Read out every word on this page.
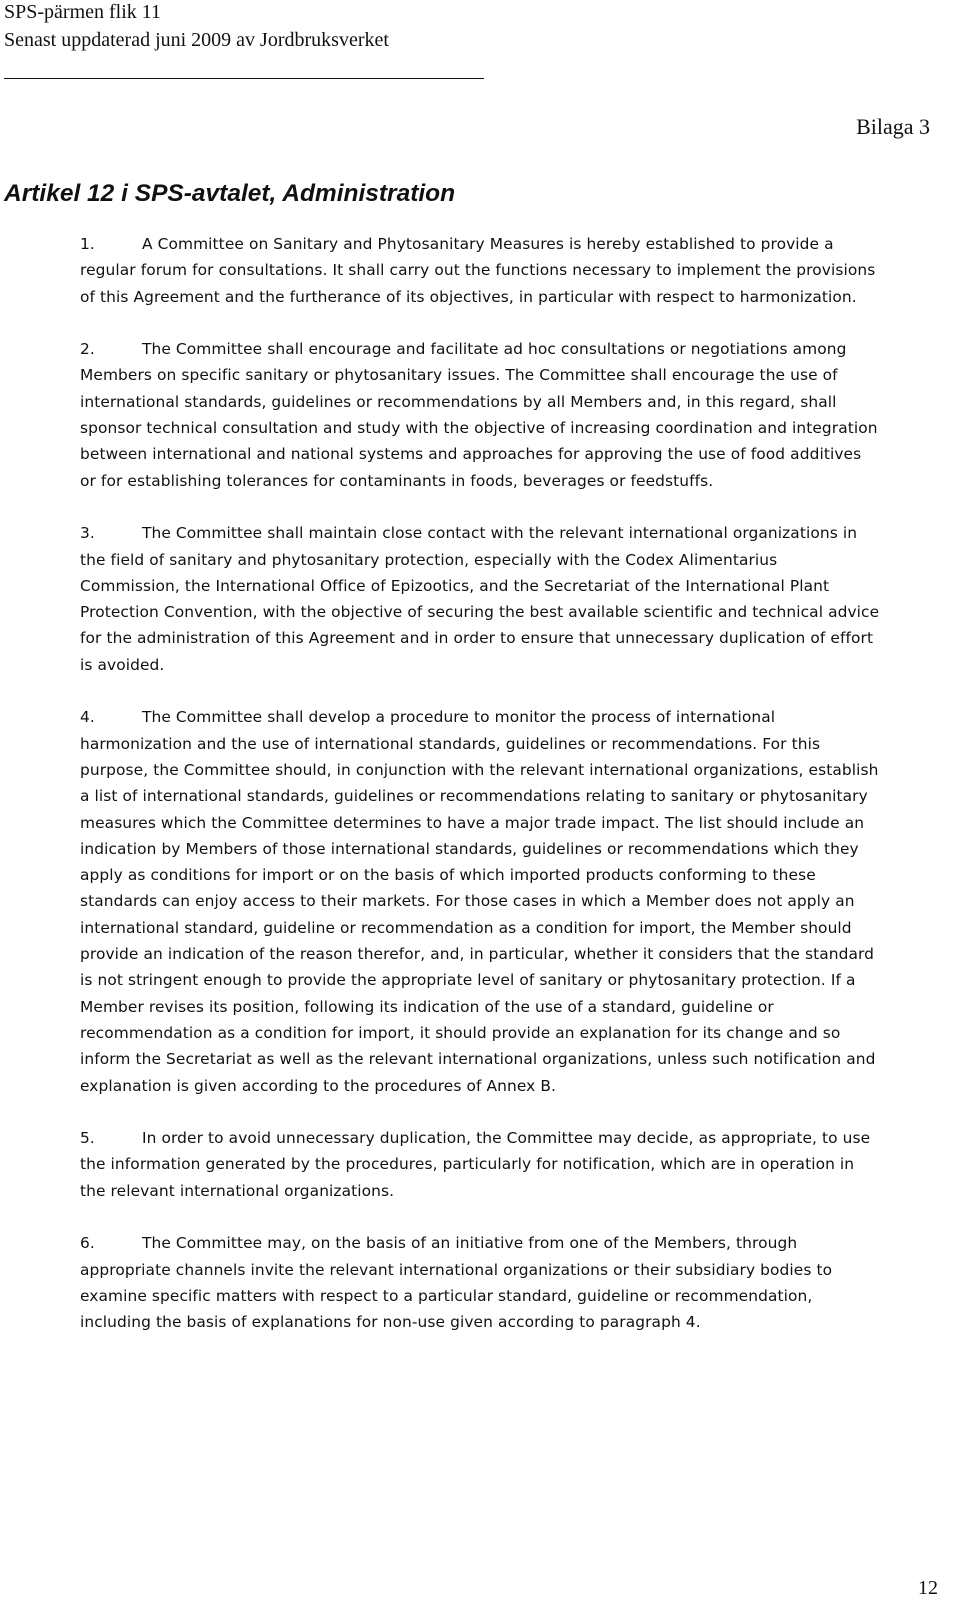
SPS-pärmen flik 11
Senast uppdaterad juni 2009 av Jordbruksverket
Bilaga 3
Artikel 12 i SPS-avtalet, Administration

1.	A Committee on Sanitary and Phytosanitary Measures is hereby established to provide a regular forum for consultations. It shall carry out the functions necessary to implement the provisions of this Agreement and the furtherance of its objectives, in particular with respect to harmonization.

2.	The Committee shall encourage and facilitate ad hoc consultations or negotiations among Members on specific sanitary or phytosanitary issues. The Committee shall encourage the use of international standards, guidelines or recommendations by all Members and, in this regard, shall sponsor technical consultation and study with the objective of increasing coordination and integration between international and national systems and approaches for approving the use of food additives or for establishing tolerances for contaminants in foods, beverages or feedstuffs.

3.	The Committee shall maintain close contact with the relevant international organizations in the field of sanitary and phytosanitary protection, especially with the Codex Alimentarius Commission, the International Office of Epizootics, and the Secretariat of the International Plant Protection Convention, with the objective of securing the best available scientific and technical advice for the administration of this Agreement and in order to ensure that unnecessary duplication of effort is avoided.

4.	The Committee shall develop a procedure to monitor the process of international harmonization and the use of international standards, guidelines or recommendations. For this purpose, the Committee should, in conjunction with the relevant international organizations, establish a list of international standards, guidelines or recommendations relating to sanitary or phytosanitary measures which the Committee determines to have a major trade impact. The list should include an indication by Members of those international standards, guidelines or recommendations which they apply as conditions for import or on the basis of which imported products conforming to these standards can enjoy access to their markets. For those cases in which a Member does not apply an international standard, guideline or recommendation as a condition for import, the Member should provide an indication of the reason therefor, and, in particular, whether it considers that the standard is not stringent enough to provide the appropriate level of sanitary or phytosanitary protection. If a Member revises its position, following its indication of the use of a standard, guideline or recommendation as a condition for import, it should provide an explanation for its change and so inform the Secretariat as well as the relevant international organizations, unless such notification and explanation is given according to the procedures of Annex B.

5.	In order to avoid unnecessary duplication, the Committee may decide, as appropriate, to use the information generated by the procedures, particularly for notification, which are in operation in the relevant international organizations.

6.	The Committee may, on the basis of an initiative from one of the Members, through appropriate channels invite the relevant international organizations or their subsidiary bodies to examine specific matters with respect to a particular standard, guideline or recommendation, including the basis of explanations for non-use given according to paragraph 4.

12
